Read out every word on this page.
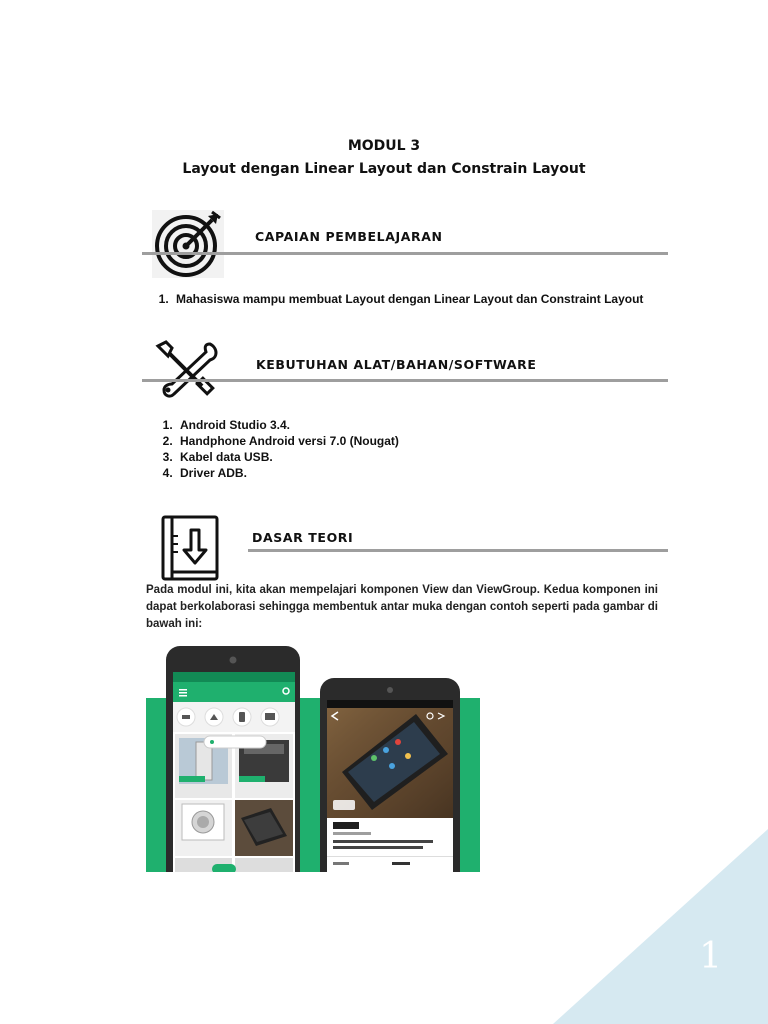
MODUL 3
Layout dengan Linear Layout dan Constrain Layout
CAPAIAN PEMBELAJARAN
1. Mahasiswa mampu membuat Layout dengan Linear Layout dan Constraint Layout
KEBUTUHAN ALAT/BAHAN/SOFTWARE
1. Android Studio 3.4.
2. Handphone Android versi 7.0 (Nougat)
3. Kabel data USB.
4. Driver ADB.
DASAR TEORI
Pada modul ini, kita akan mempelajari komponen View dan ViewGroup. Kedua komponen ini dapat berkolaborasi sehingga membentuk antar muka dengan contoh seperti pada gambar di bawah ini:
1
